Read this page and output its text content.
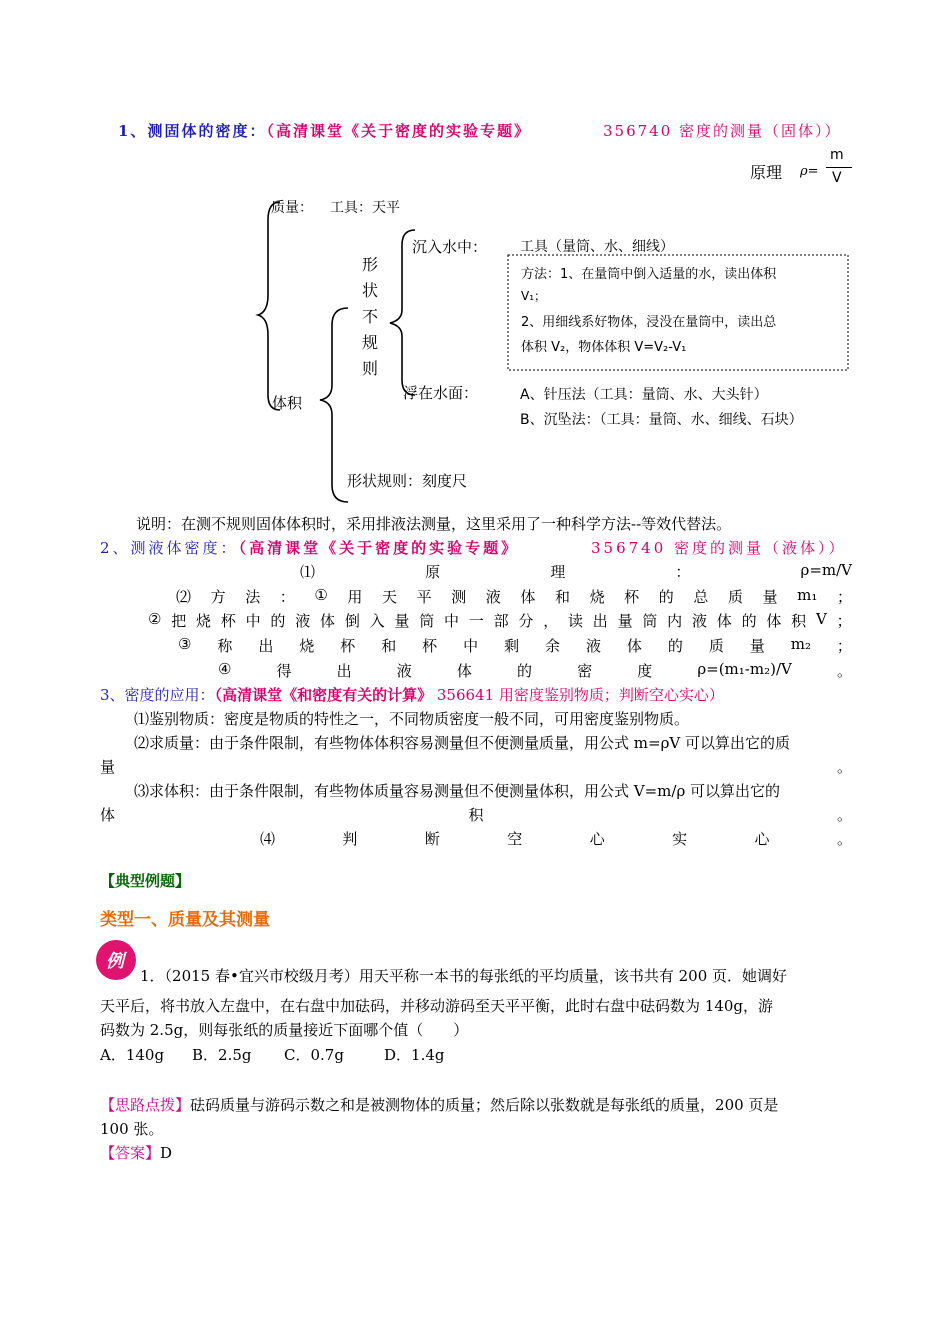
1、测固体的密度：（高清课堂《关于密度的实验专题》	356740 密度的测量（固体））
原理 ρ=
m
V
质量： 工具：天平
形
状
不
规
则
沉入水中： 工具（量筒、水、细线）
方法：1、在量筒中倒入适量的水，读出体积
V₁；
2、用细线系好物体，浸没在量筒中，读出总
体积 V₂，物体体积 V=V₂-V₁
体积
浮在水面：	A、针压法（工具：量筒、水、大头针）
B、沉坠法：（工具：量筒、水、细线、石块）
形状规则：刻度尺
说明：在测不规则固体体积时，采用排液法测量，这里采用了一种科学方法--等效代替法。
2、测液体密度：（高清课堂《关于密度的实验专题》	356740 密度的测量（液体））
⑴	原	理	：	ρ=m/V
⑵ 方 法 ： ① 用 天 平 测 液 体 和 烧 杯 的 总 质 量 m₁ ；
② 把 烧 杯 中 的 液 体 倒 入 量 筒 中 一 部 分 ， 读 出 量 筒 内 液 体 的 体 积 V ；
③ 称 出 烧 杯 和 杯 中 剩 余 液 体 的 质 量 m₂ ；
④	得	出	液	体	的	密	度	ρ=(m₁-m₂)/V	。
3、密度的应用：（高清课堂《和密度有关的计算》 356641 用密度鉴别物质；判断空心实心）
⑴鉴别物质：密度是物质的特性之一，不同物质密度一般不同，可用密度鉴别物质。
⑵求质量：由于条件限制，有些物体体积容易测量但不便测量质量，用公式 m=ρV 可以算出它的质
量	。
⑶求体积：由于条件限制，有些物体质量容易测量但不便测量体积，用公式 V=m/ρ 可以算出它的
体	积	。
⑷	判	断	空	心	实	心	。
【典型例题】
类型一、质量及其测量
例
1．（2015 春•宜兴市校级月考）用天平称一本书的每张纸的平均质量，该书共有 200 页．她调好
天平后，将书放入左盘中，在右盘中加砝码，并移动游码至天平平衡，此时右盘中砝码数为 140g，游
码数为 2.5g，则每张纸的质量接近下面哪个值（　　）
A．140g B．2.5g C．0.7g	D．1.4g
【思路点拨】砝码质量与游码示数之和是被测物体的质量；然后除以张数就是每张纸的质量，200 页是
100 张。
【答案】D
